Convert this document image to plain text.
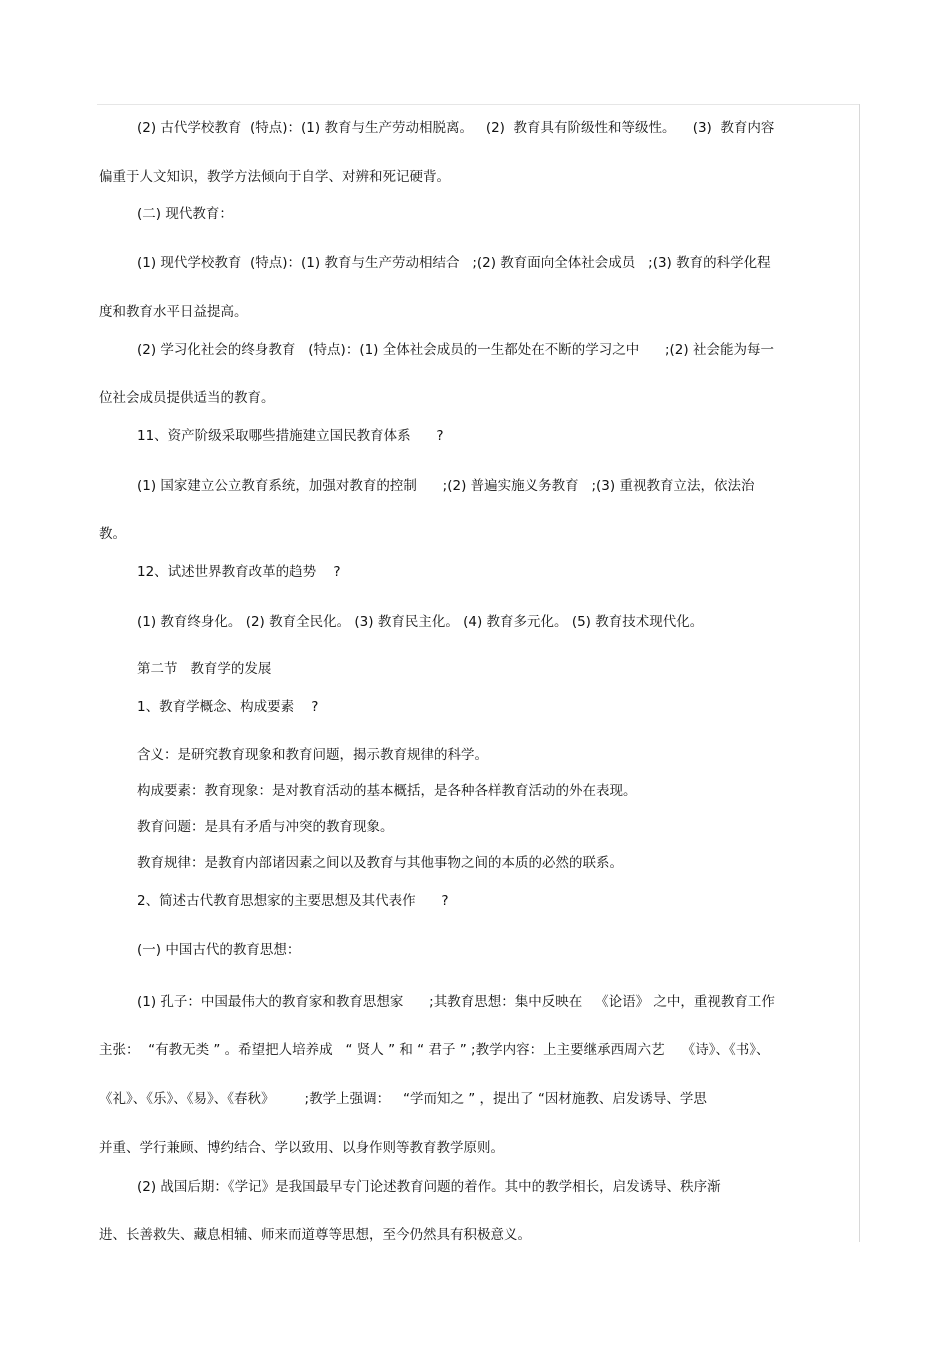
(2) 古代学校教育  (特点)：(1) 教育与生产劳动相脱离。   (2)  教育具有阶级性和等级性。    (3)  教育内容
偏重于人文知识，教学方法倾向于自学、对辨和死记硬背。
(二) 现代教育：
(1) 现代学校教育  (特点)：(1) 教育与生产劳动相结合   ;(2) 教育面向全体社会成员   ;(3) 教育的科学化程
度和教育水平日益提高。
(2) 学习化社会的终身教育   (特点)：(1) 全体社会成员的一生都处在不断的学习之中      ;(2) 社会能为每一
位社会成员提供适当的教育。
11、资产阶级采取哪些措施建立国民教育体系      ?
(1) 国家建立公立教育系统，加强对教育的控制      ;(2) 普遍实施义务教育   ;(3) 重视教育立法，依法治
教。
12、试述世界教育改革的趋势    ?
(1) 教育终身化。 (2) 教育全民化。 (3) 教育民主化。 (4) 教育多元化。 (5) 教育技术现代化。
第二节   教育学的发展
1、教育学概念、构成要素    ?
含义：是研究教育现象和教育问题，揭示教育规律的科学。
构成要素：教育现象：是对教育活动的基本概括，是各种各样教育活动的外在表现。
教育问题：是具有矛盾与冲突的教育现象。
教育规律：是教育内部诸因素之间以及教育与其他事物之间的本质的必然的联系。
2、简述古代教育思想家的主要思想及其代表作      ?
(一) 中国古代的教育思想：
(1) 孔子：中国最伟大的教育家和教育思想家      ;其教育思想：集中反映在   《论语》 之中，重视教育工作
主张：  “有教无类 ” 。希望把人培养成   “ 贤人 ” 和 “ 君子 ” ;教学内容：上主要继承西周六艺    《诗》、《书》、
《礼》、《乐》、《易》、《春秋》       ;教学上强调：   “学而知之 ” ，提出了 “因材施教、启发诱导、学思
并重、学行兼顾、博约结合、学以致用、以身作则等教育教学原则。
(2) 战国后期：《学记》是我国最早专门论述教育问题的着作。其中的教学相长，启发诱导、秩序渐
进、长善救失、藏息相辅、师来而道尊等思想，至今仍然具有积极意义。
